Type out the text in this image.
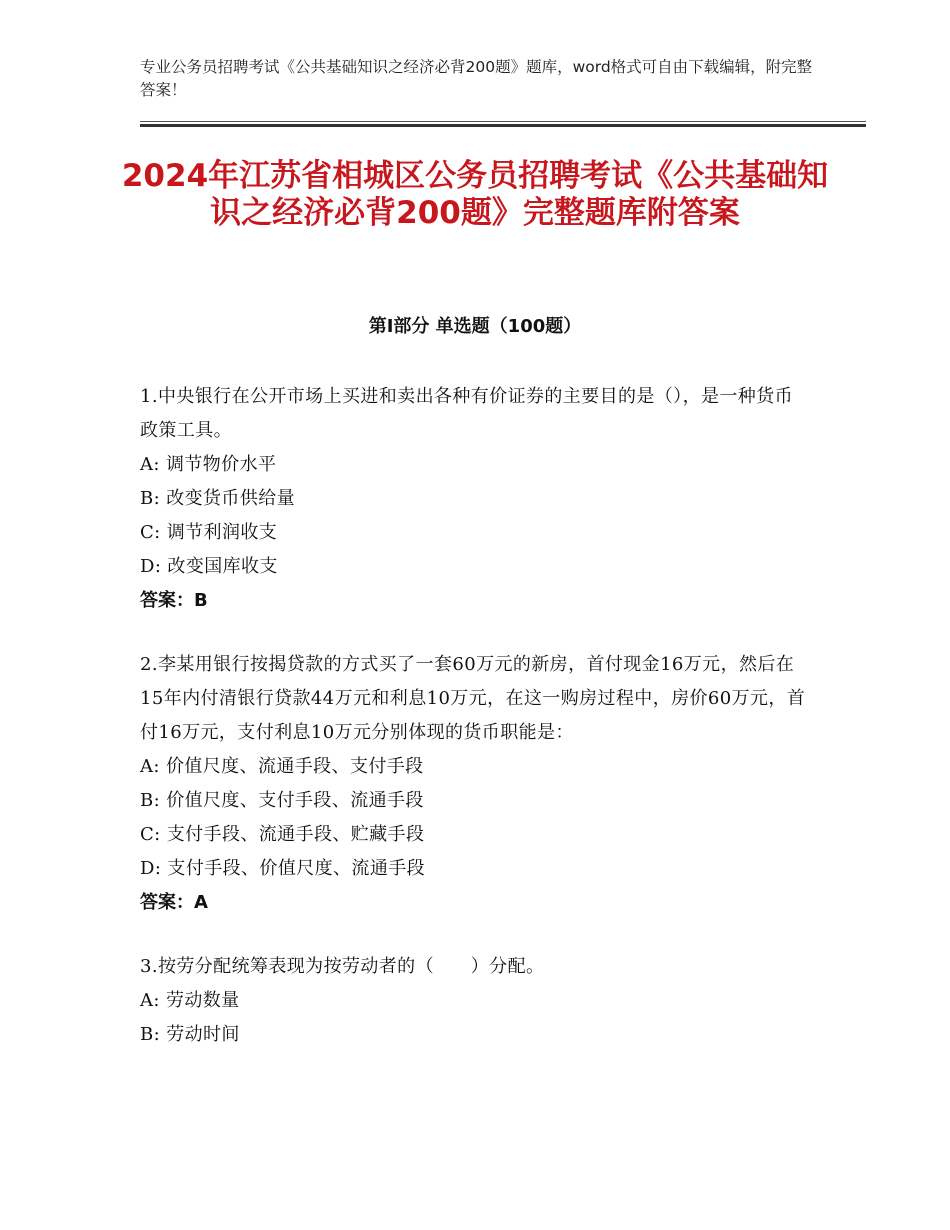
专业公务员招聘考试《公共基础知识之经济必背200题》题库，word格式可自由下载编辑，附完整答案！
2024年江苏省相城区公务员招聘考试《公共基础知识之经济必背200题》完整题库附答案
第Ⅰ部分 单选题（100题）

1.中央银行在公开市场上买进和卖出各种有价证券的主要目的是（），是一种货币政策工具。

A: 调节物价水平

B: 改变货币供给量

C: 调节利润收支

D: 改变国库收支

答案：B

2.李某用银行按揭贷款的方式买了一套60万元的新房，首付现金16万元，然后在15年内付清银行贷款44万元和利息10万元，在这一购房过程中，房价60万元，首付16万元，支付利息10万元分别体现的货币职能是：

A: 价值尺度、流通手段、支付手段

B: 价值尺度、支付手段、流通手段

C: 支付手段、流通手段、贮藏手段

D: 支付手段、价值尺度、流通手段

答案：A

3.按劳分配统筹表现为按劳动者的（　　）分配。

A: 劳动数量

B: 劳动时间
